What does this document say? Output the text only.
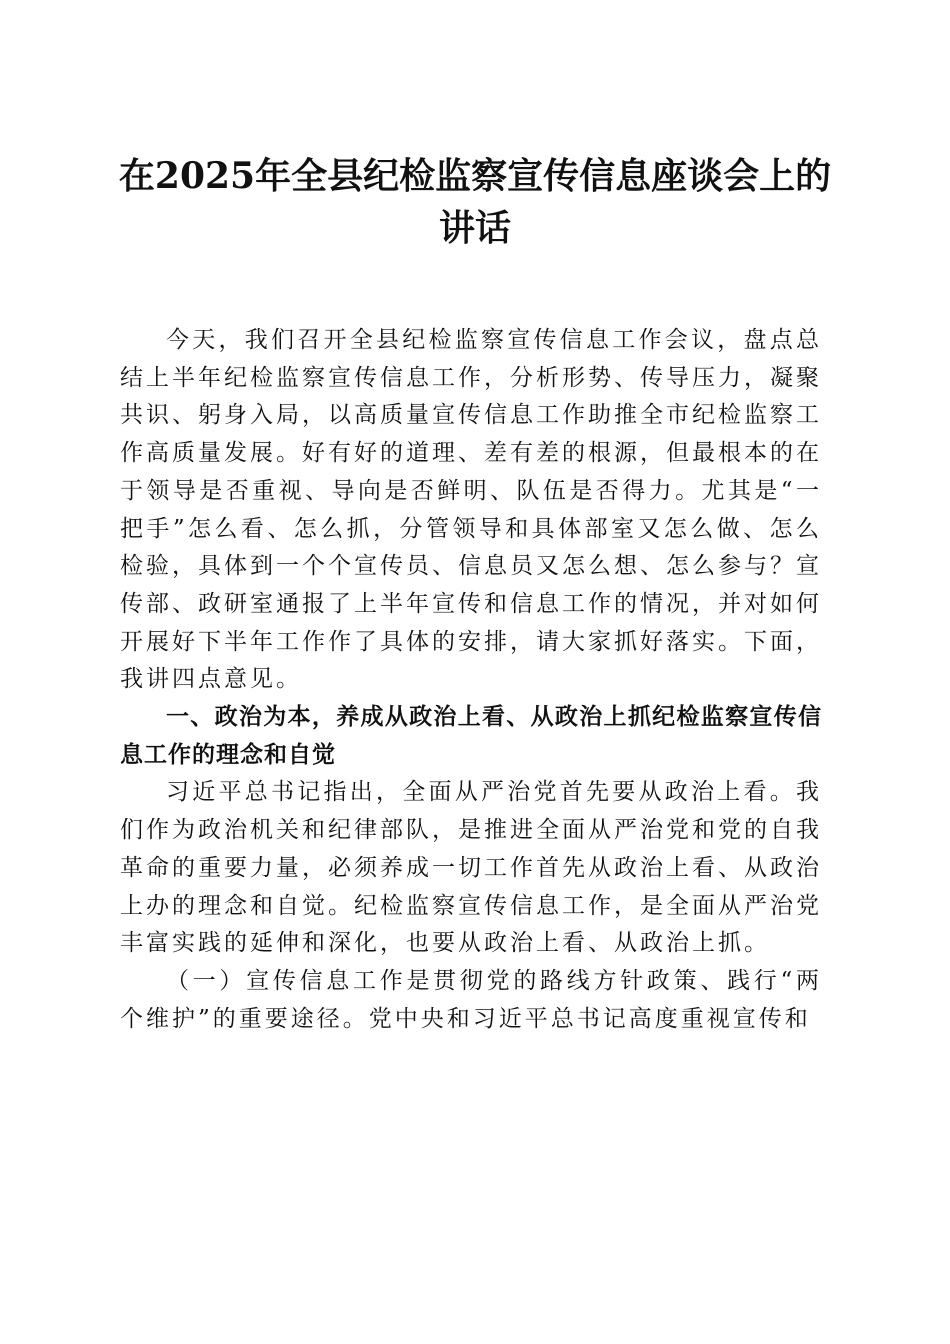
在2025年全县纪检监察宣传信息座谈会上的讲话

今天，我们召开全县纪检监察宣传信息工作会议，盘点总结上半年纪检监察宣传信息工作，分析形势、传导压力，凝聚共识、躬身入局，以高质量宣传信息工作助推全市纪检监察工作高质量发展。好有好的道理、差有差的根源，但最根本的在于领导是否重视、导向是否鲜明、队伍是否得力。尤其是“一把手”怎么看、怎么抓，分管领导和具体部室又怎么做、怎么检验，具体到一个个宣传员、信息员又怎么想、怎么参与？宣传部、政研室通报了上半年宣传和信息工作的情况，并对如何开展好下半年工作作了具体的安排，请大家抓好落实。下面，我讲四点意见。

一、政治为本，养成从政治上看、从政治上抓纪检监察宣传信息工作的理念和自觉

习近平总书记指出，全面从严治党首先要从政治上看。我们作为政治机关和纪律部队，是推进全面从严治党和党的自我革命的重要力量，必须养成一切工作首先从政治上看、从政治上办的理念和自觉。纪检监察宣传信息工作，是全面从严治党丰富实践的延伸和深化，也要从政治上看、从政治上抓。

（一）宣传信息工作是贯彻党的路线方针政策、践行“两个维护”的重要途径。党中央和习近平总书记高度重视宣传和
